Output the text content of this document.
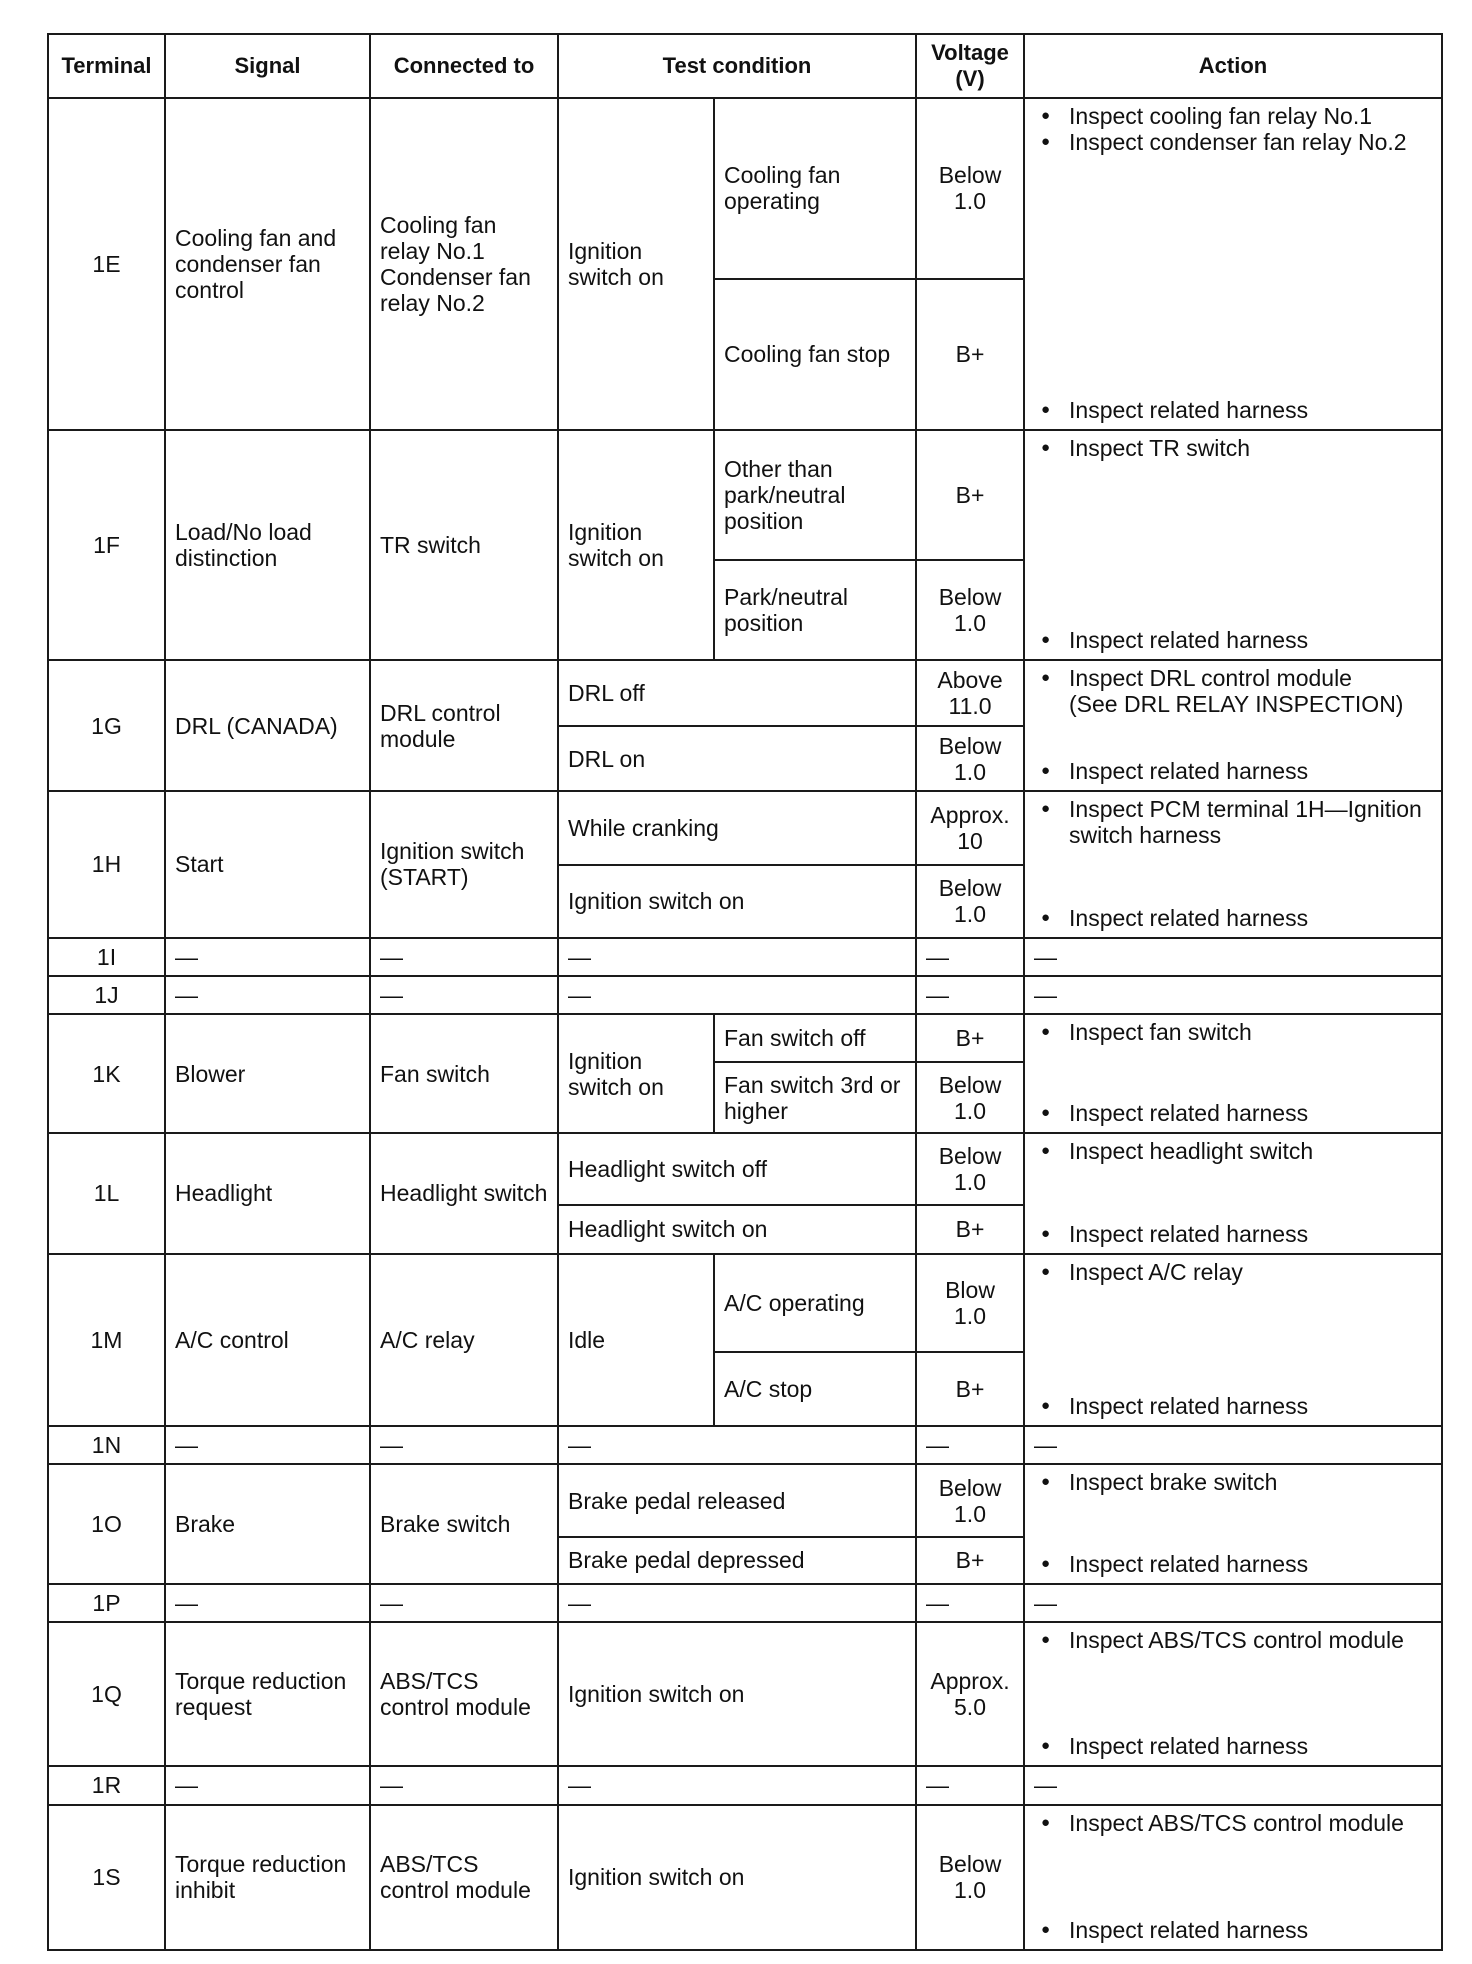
Terminal	Signal	Connected to	Test condition		Voltage (V)	Action
1E	Cooling fan and condenser fan control	Cooling fan relay No.1 Condenser fan relay No.2	Ignition switch on	Cooling fan operating	Below 1.0	● Inspect cooling fan relay No.1
● Inspect condenser fan relay No.2
● Inspect related harness

				Cooling fan stop	B+	
1F	Load/No load distinction	TR switch	Ignition switch on	Other than park/neutral position	B+	● Inspect TR switch
● Inspect related harness

				Park/neutral position	Below 1.0	
1G	DRL (CANADA)	DRL control module	DRL off		Above 11.0	● Inspect DRL control module
(See DRL RELAY INSPECTION)
● Inspect related harness

			DRL on		Below 1.0	
1H	Start	Ignition switch (START)	While cranking		Approx. 10	● Inspect PCM terminal 1H—Ignition switch harness
● Inspect related harness

			Ignition switch on		Below 1.0	
1I	—	—	—		—	—
1J	—	—	—		—	—
1K	Blower	Fan switch	Ignition switch on	Fan switch off	B+	● Inspect fan switch
● Inspect related harness

				Fan switch 3rd or higher	Below 1.0	
1L	Headlight	Headlight switch	Headlight switch off		Below 1.0	● Inspect headlight switch
● Inspect related harness

			Headlight switch on		B+	
1M	A/C control	A/C relay	Idle	A/C operating	Blow 1.0	● Inspect A/C relay
● Inspect related harness

				A/C stop	B+	
1N	—	—	—		—	—
1O	Brake	Brake switch	Brake pedal released		Below 1.0	● Inspect brake switch
● Inspect related harness

			Brake pedal depressed		B+	
1P	—	—	—		—	—
1Q	Torque reduction request	ABS/TCS control module	Ignition switch on		Approx. 5.0	● Inspect ABS/TCS control module
● Inspect related harness

1R	—	—	—		—	—
1S	Torque reduction inhibit	ABS/TCS control module	Ignition switch on		Below 1.0	● Inspect ABS/TCS control module
● Inspect related harness
